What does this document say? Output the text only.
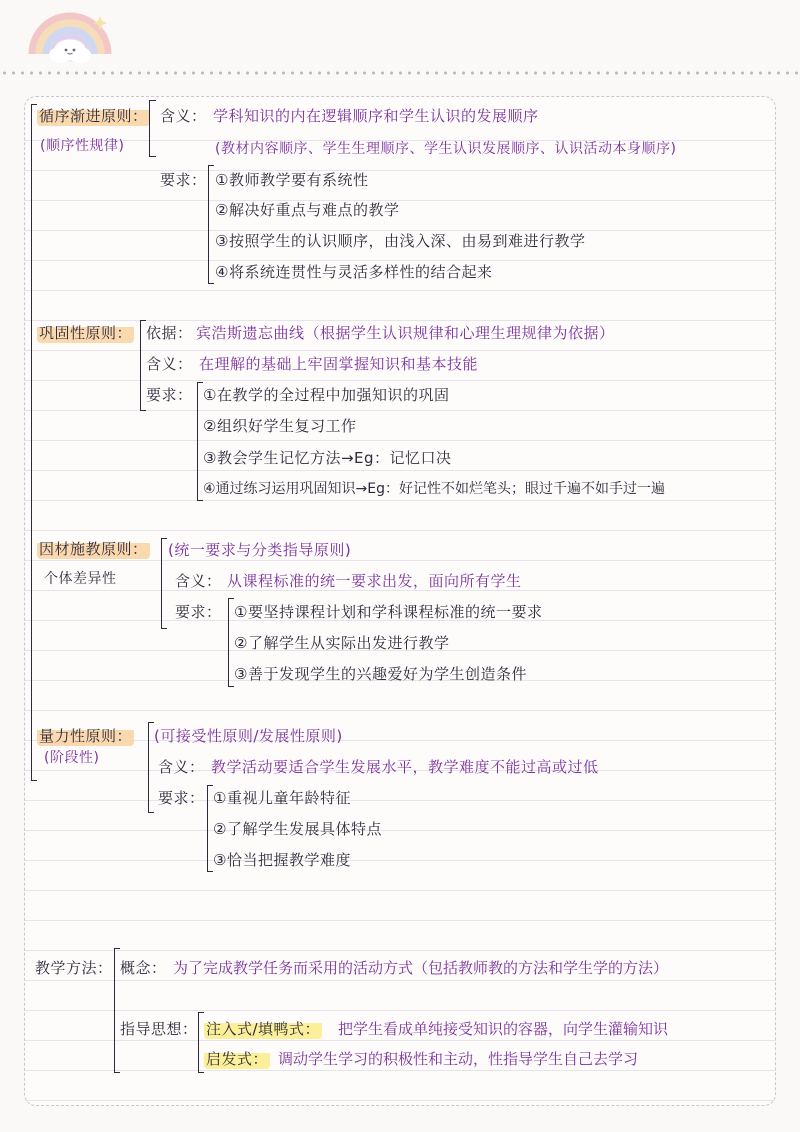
循序渐进原则：
(顺序性规律)
含义： 学科知识的内在逻辑顺序和学生认识的发展顺序
(教材内容顺序、学生生理顺序、学生认识发展顺序、认识活动本身顺序)
要求： ①教师教学要有系统性
②解决好重点与难点的教学
③按照学生的认识顺序，由浅入深、由易到难进行教学
④将系统连贯性与灵活多样性的结合起来
巩固性原则： 依据： 宾浩斯遗忘曲线（根据学生认识规律和心理生理规律为依据）
含义： 在理解的基础上牢固掌握知识和基本技能
要求： ①在教学的全过程中加强知识的巩固
②组织好学生复习工作
③教会学生记忆方法→Eg：记忆口决
④通过练习运用巩固知识→Eg：好记性不如烂笔头；眼过千遍不如手过一遍
因材施教原则：
个体差异性
(统一要求与分类指导原则)
含义： 从课程标准的统一要求出发，面向所有学生
要求： ①要坚持课程计划和学科课程标准的统一要求
②了解学生从实际出发进行教学
③善于发现学生的兴趣爱好为学生创造条件
量力性原则：
(阶段性)
(可接受性原则/发展性原则)
含义： 教学活动要适合学生发展水平，教学难度不能过高或过低
要求： ①重视儿童年龄特征
②了解学生发展具体特点
③恰当把握教学难度
教学方法： 概念： 为了完成教学任务而采用的活动方式（包括教师教的方法和学生学的方法）
指导思想： 注入式/填鸭式： 把学生看成单纯接受知识的容器，向学生灌输知识
启发式： 调动学生学习的积极性和主动，性指导学生自己去学习
